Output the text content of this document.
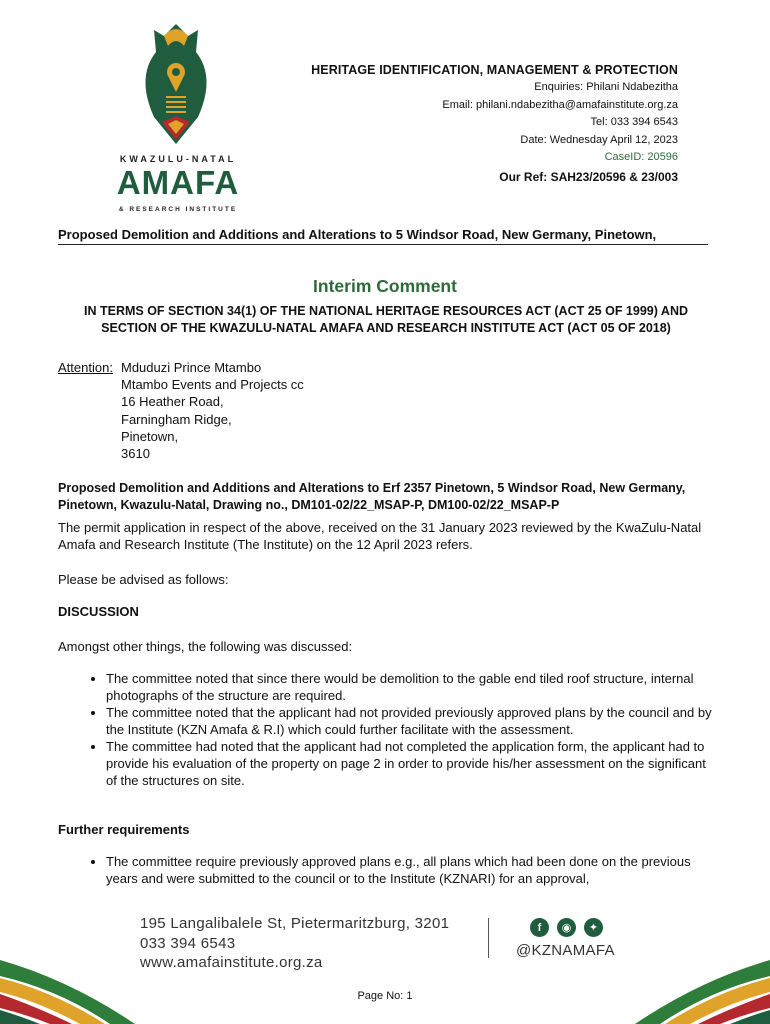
KWAZULU-NATAL
AMAFA
& RESEARCH INSTITUTE
HERITAGE IDENTIFICATION, MANAGEMENT & PROTECTION
Enquiries: Philani Ndabezitha
Email: philani.ndabezitha@amafainstitute.org.za
Tel: 033 394 6543
Date: Wednesday April 12, 2023
CaseID: 20596
Our Ref: SAH23/20596 & 23/003
Proposed Demolition and Additions and Alterations to 5 Windsor Road, New Germany, Pinetown,
Interim Comment
IN TERMS OF SECTION 34(1) OF THE NATIONAL HERITAGE RESOURCES ACT (ACT 25 OF 1999) AND SECTION OF THE KWAZULU-NATAL AMAFA AND RESEARCH INSTITUTE ACT (ACT 05 OF 2018)
Attention: Mduduzi Prince Mtambo
Mtambo Events and Projects cc
16 Heather Road,
Farningham Ridge,
Pinetown,
3610
Proposed Demolition and Additions and Alterations to Erf 2357 Pinetown, 5 Windsor Road, New Germany, Pinetown, Kwazulu-Natal, Drawing no., DM101-02/22_MSAP-P, DM100-02/22_MSAP-P
The permit application in respect of the above, received on the 31 January 2023 reviewed by the KwaZulu-Natal Amafa and Research Institute (The Institute) on the 12 April 2023 refers.
Please be advised as follows:
DISCUSSION
Amongst other things, the following was discussed:
• The committee noted that since there would be demolition to the gable end tiled roof structure, internal photographs of the structure are required.
• The committee noted that the applicant had not provided previously approved plans by the council and by the Institute (KZN Amafa & R.I) which could further facilitate with the assessment.
• The committee had noted that the applicant had not completed the application form, the applicant had to provide his evaluation of the property on page 2 in order to provide his/her assessment on the significant of the structures on site.
Further requirements
• The committee require previously approved plans e.g., all plans which had been done on the previous years and were submitted to the council or to the Institute (KZNARI) for an approval,
195 Langalibalele St, Pietermaritzburg, 3201
033 394 6543
www.amafainstitute.org.za
f	◉	✦
@KZNAMAFA
Page No: 1
